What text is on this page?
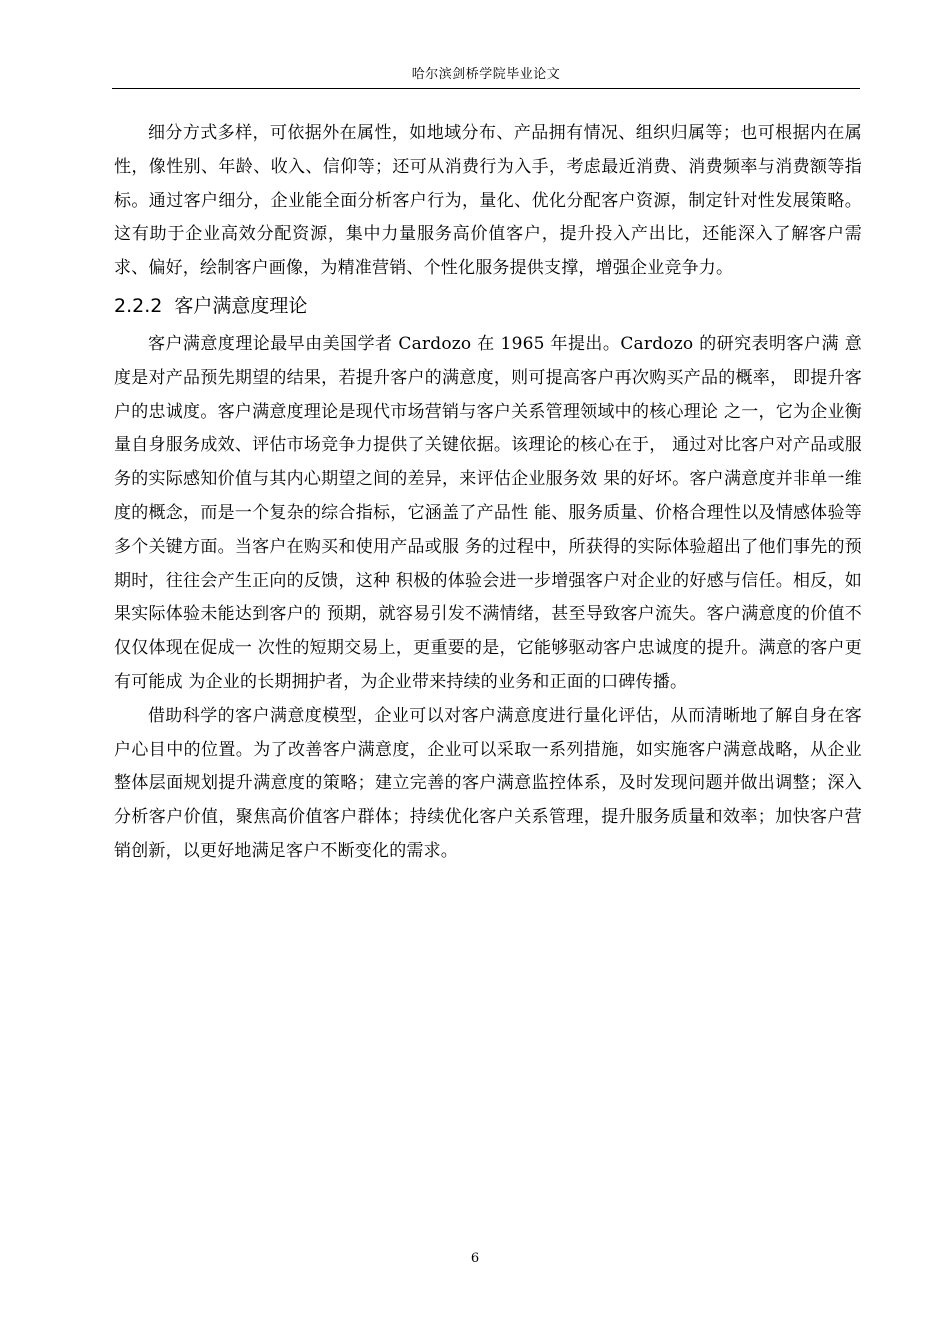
哈尔滨剑桥学院毕业论文

细分方式多样，可依据外在属性，如地域分布、产品拥有情况、组织归属等；也可根据内在属性，像性别、年龄、收入、信仰等；还可从消费行为入手，考虑最近消费、消费频率与消费额等指标。通过客户细分，企业能全面分析客户行为，量化、优化分配客户资源，制定针对性发展策略。这有助于企业高效分配资源，集中力量服务高价值客户，提升投入产出比，还能深入了解客户需求、偏好，绘制客户画像，为精准营销、个性化服务提供支撑，增强企业竞争力。

2.2.2 客户满意度理论

客户满意度理论最早由美国学者 Cardozo 在 1965 年提出。Cardozo 的研究表明客户满 意度是对产品预先期望的结果，若提升客户的满意度，则可提高客户再次购买产品的概率， 即提升客户的忠诚度。客户满意度理论是现代市场营销与客户关系管理领域中的核心理论 之一，它为企业衡量自身服务成效、评估市场竞争力提供了关键依据。该理论的核心在于， 通过对比客户对产品或服务的实际感知价值与其内心期望之间的差异，来评估企业服务效 果的好坏。客户满意度并非单一维度的概念，而是一个复杂的综合指标，它涵盖了产品性 能、服务质量、价格合理性以及情感体验等多个关键方面。当客户在购买和使用产品或服 务的过程中，所获得的实际体验超出了他们事先的预期时，往往会产生正向的反馈，这种 积极的体验会进一步增强客户对企业的好感与信任。相反，如果实际体验未能达到客户的 预期，就容易引发不满情绪，甚至导致客户流失。客户满意度的价值不仅仅体现在促成一 次性的短期交易上，更重要的是，它能够驱动客户忠诚度的提升。满意的客户更有可能成 为企业的长期拥护者，为企业带来持续的业务和正面的口碑传播。

借助科学的客户满意度模型，企业可以对客户满意度进行量化评估，从而清晰地了解自身在客户心目中的位置。为了改善客户满意度，企业可以采取一系列措施，如实施客户满意战略，从企业整体层面规划提升满意度的策略；建立完善的客户满意监控体系，及时发现问题并做出调整；深入分析客户价值，聚焦高价值客户群体；持续优化客户关系管理，提升服务质量和效率；加快客户营销创新，以更好地满足客户不断变化的需求。

6
